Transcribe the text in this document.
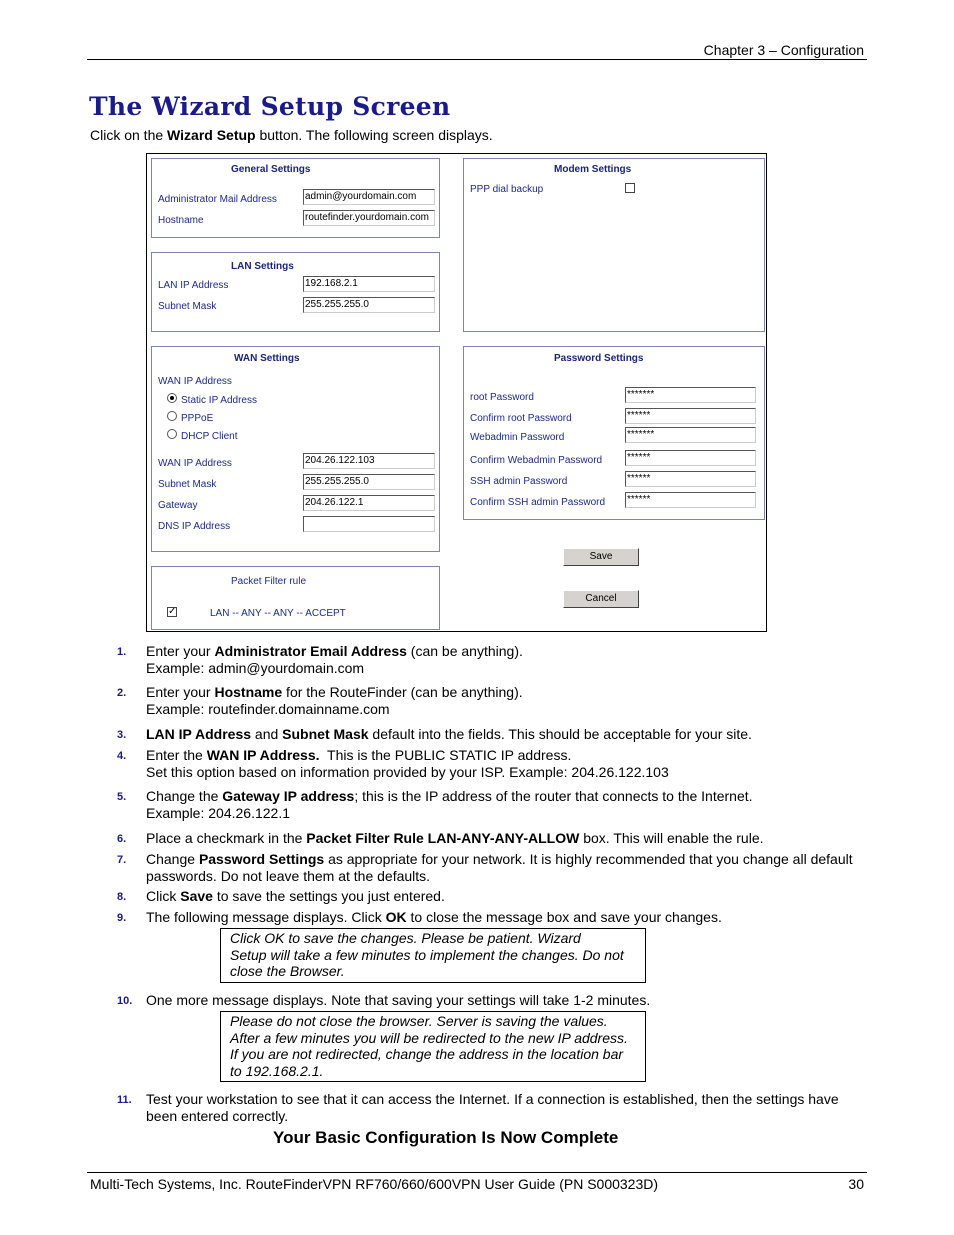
Chapter 3 – Configuration
The Wizard Setup Screen
Click on the Wizard Setup button. The following screen displays.
General Settings
Administrator Mail Address	admin@yourdomain.com
Hostname	routefinder.yourdomain.com
Modem Settings
PPP dial backup
LAN Settings
LAN IP Address	192.168.2.1
Subnet Mask	255.255.255.0
WAN Settings
WAN IP Address
Static IP Address
PPPoE
DHCP Client
WAN IP Address	204.26.122.103
Subnet Mask	255.255.255.0
Gateway	204.26.122.1
DNS IP Address
Password Settings
root Password	*******
Confirm root Password	******
Webadmin Password	*******
Confirm Webadmin Password ******
SSH admin Password	******
Confirm SSH admin Password ******
Packet Filter rule
✓	LAN -- ANY -- ANY -- ACCEPT
Save
Cancel
1. Enter your Administrator Email Address (can be anything).
Example: admin@yourdomain.com
2. Enter your Hostname for the RouteFinder (can be anything).
Example: routefinder.domainname.com
3. LAN IP Address and Subnet Mask default into the fields. This should be acceptable for your site.
4. Enter the WAN IP Address.  This is the PUBLIC STATIC IP address.
Set this option based on information provided by your ISP. Example: 204.26.122.103
5. Change the Gateway IP address; this is the IP address of the router that connects to the Internet.
Example: 204.26.122.1
6. Place a checkmark in the Packet Filter Rule LAN-ANY-ANY-ALLOW box. This will enable the rule.
7. Change Password Settings as appropriate for your network. It is highly recommended that you change all default
passwords. Do not leave them at the defaults.
8. Click Save to save the settings you just entered.
9. The following message displays. Click OK to close the message box and save your changes.
Click OK to save the changes. Please be patient. Wizard
Setup will take a few minutes to implement the changes. Do not
close the Browser.
10. One more message displays. Note that saving your settings will take 1-2 minutes.
Please do not close the browser. Server is saving the values.
After a few minutes you will be redirected to the new IP address.
If you are not redirected, change the address in the location bar
to 192.168.2.1.
11. Test your workstation to see that it can access the Internet. If a connection is established, then the settings have
been entered correctly.
Your Basic Configuration Is Now Complete
Multi-Tech Systems, Inc. RouteFinderVPN RF760/660/600VPN User Guide (PN S000323D)	30
